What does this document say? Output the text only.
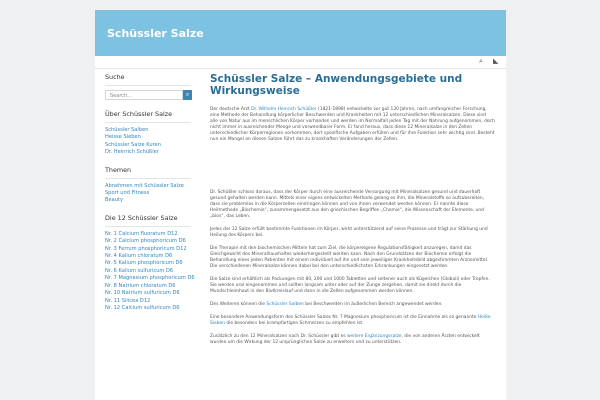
Schüssler Salze
⌕ ◣
Suche
Search...	⌕
Über Schüssler Salze
Schüssler Salben
Heisse Sieben
Schüssler Salze Kuren
Dr. Heinrich Schüßler
Themen
Abnehmen mit Schüssler Salze
Sport und Fitness
Beauty
Die 12 Schüssler Salze
Nr. 1 Calcium fluoratum D12
Nr. 2 Calcium phosphoricum D6
Nr. 3 Ferrum phosphoricum D12
Nr. 4 Kalium chloratum D6
Nr. 5 Kalium phosphoricum D6
Nr. 6 Kalium sulfuricum D6
Nr. 7 Magnesium phosphoricum D6
Nr. 8 Natrium chloratum D6
Nr. 10 Natrium sulfuricum D6
Nr. 11 Silicea D12
Nr. 12 Calcium sulfuricum D6
Schüssler Salze – Anwendungsgebiete und Wirkungsweise

Der deutsche Arzt Dr. Wilhelm Heinrich Schüßler (1821-1898) entwickelte vor gut 130 Jahren, nach umfangreicher Forschung, eine Methode der Behandlung körperlicher Beschwerden und Krankheiten mit 12 unterschiedlichen Mineralsalzen. Diese sind alle von Natur aus im menschlichen Körper vorhanden und werden im Normalfall jeden Tag mit der Nahrung aufgenommen, doch nicht immer in ausreichender Menge und verwendbarer Form. Er fand heraus, dass diese 12 Mineralsalze in den Zellen unterschiedlicher Körperregionen vorkommen, dort spezifische Aufgaben erfüllen und für ihre Funktion sehr wichtig sind. Besteht nun ein Mangel an diesen Salzen führt das zu krankhaften Veränderungen der Zellen.

Dr. Schüßler schloss daraus, dass der Körper durch eine ausreichende Versorgung mit Mineralsalzen gesund und dauerhaft gesund gehalten werden kann. Mittels einer eigens entwickelten Methode gelang es ihm, die Mineralstoffe so aufzubereiten, dass sie problemlos in die Körperzellen eindringen können und von ihnen verwendet werden können. Er nannte diese Heilmethode „Biochemie“, zusammengesetzt aus den griechischen Begriffen „Chemie“, die Wissenschaft der Elemente, und „bios“, das Leben.

Jedes der 12 Salze erfüllt bestimmte Funktionen im Körper, wirkt unterstützend auf seine Prozesse und trägt zur Stärkung und Heilung des Körpers bei.

Die Therapie mit den biochemischen Mitteln hat zum Ziel, die körpereigene Regulationsfähigkeit anzuregen, damit das Gleichgewicht des Mineralhaushaltes wiederhergestellt werden kann. Nach den Grundsätzen der Biochemie erfolgt die Behandlung eines jeden Patienten mit einem individuell auf ihn und sein jeweiliges Krankheitsbild abgestimmten Arzneimittel. Die verschiedenen Mineralsalze können dabei bei den unterschiedlichsten Erkrankungen eingesetzt werden.

Die Salze sind erhältlich als Packungen mit 80, 200 und 1000 Tabletten und seltener auch als Kügelchen (Globuli) oder Tropfen. Sie werden oral eingenommen und sollten langsam unter oder auf der Zunge zergehen, damit sie direkt durch die Mundschleimhaut in den Blutkreislauf und dann in die Zellen aufgenommen werden können.

Des Weiteren können die Schüssler Salben bei Beschwerden im äußerlichen Bereich angewendet werden.

Eine besondere Anwendungsform des Schüssler Salzes Nr. 7 Magnesium phosphoricum ist die Einnahme als so genannte Heiße Sieben die besonders bei krampfartigen Schmerzen zu empfehlen ist.

Zusätzlich zu den 12 Mineralsalzen nach Dr. Schüssler gibt es weitere Ergänzungssalze, die von anderen Ärzten entwickelt wurden um die Wirkung der 12 ursprünglichen Salze zu erweitern und zu unterstützen.
